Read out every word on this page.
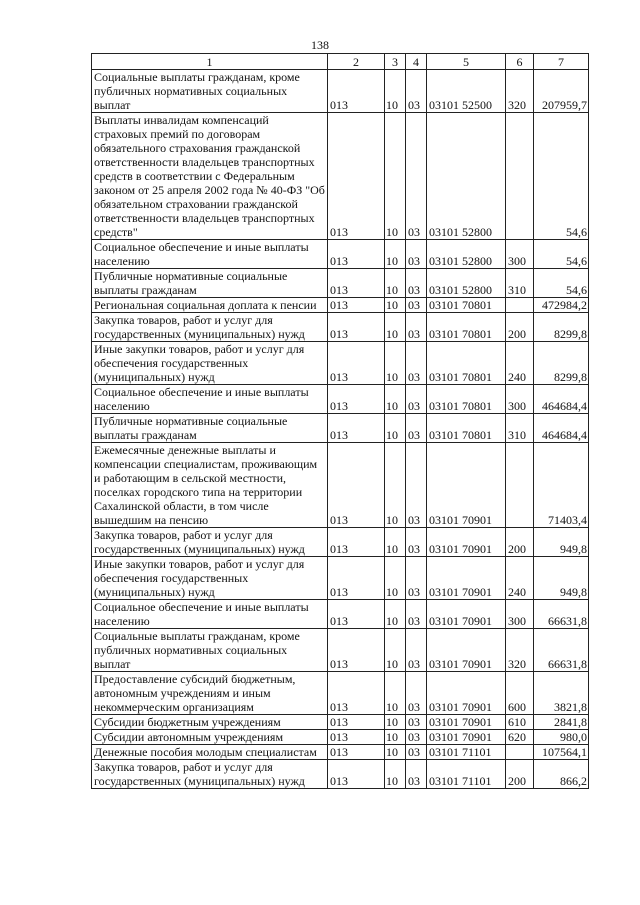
138
1	2	3	4	5	6	7
Социальные выплаты гражданам, кроме публичных нормативных социальных выплат	013	10	03	03101 52500	320	207959,7
Выплаты инвалидам компенсаций страховых премий по договорам обязательного страхования гражданской ответственности владельцев транспортных средств в соответствии с Федеральным законом от 25 апреля 2002 года № 40-ФЗ "Об обязательном страховании гражданской ответственности владельцев транспортных средств"	013	10	03	03101 52800		54,6
Социальное обеспечение и иные выплаты населению	013	10	03	03101 52800	300	54,6
Публичные нормативные социальные выплаты гражданам	013	10	03	03101 52800	310	54,6
Региональная социальная доплата к пенсии	013	10	03	03101 70801		472984,2
Закупка товаров, работ и услуг для государственных (муниципальных) нужд	013	10	03	03101 70801	200	8299,8
Иные закупки товаров, работ и услуг для обеспечения государственных (муниципальных) нужд	013	10	03	03101 70801	240	8299,8
Социальное обеспечение и иные выплаты населению	013	10	03	03101 70801	300	464684,4
Публичные нормативные социальные выплаты гражданам	013	10	03	03101 70801	310	464684,4
Ежемесячные денежные выплаты и компенсации специалистам, проживающим и работающим в сельской местности, поселках городского типа на территории Сахалинской области, в том числе вышедшим на пенсию	013	10	03	03101 70901		71403,4
Закупка товаров, работ и услуг для государственных (муниципальных) нужд	013	10	03	03101 70901	200	949,8
Иные закупки товаров, работ и услуг для обеспечения государственных (муниципальных) нужд	013	10	03	03101 70901	240	949,8
Социальное обеспечение и иные выплаты населению	013	10	03	03101 70901	300	66631,8
Социальные выплаты гражданам, кроме публичных нормативных социальных выплат	013	10	03	03101 70901	320	66631,8
Предоставление субсидий бюджетным, автономным учреждениям и иным некоммерческим организациям	013	10	03	03101 70901	600	3821,8
Субсидии бюджетным учреждениям	013	10	03	03101 70901	610	2841,8
Субсидии автономным учреждениям	013	10	03	03101 70901	620	980,0
Денежные пособия молодым специалистам	013	10	03	03101 71101		107564,1
Закупка товаров, работ и услуг для государственных (муниципальных) нужд	013	10	03	03101 71101	200	866,2
